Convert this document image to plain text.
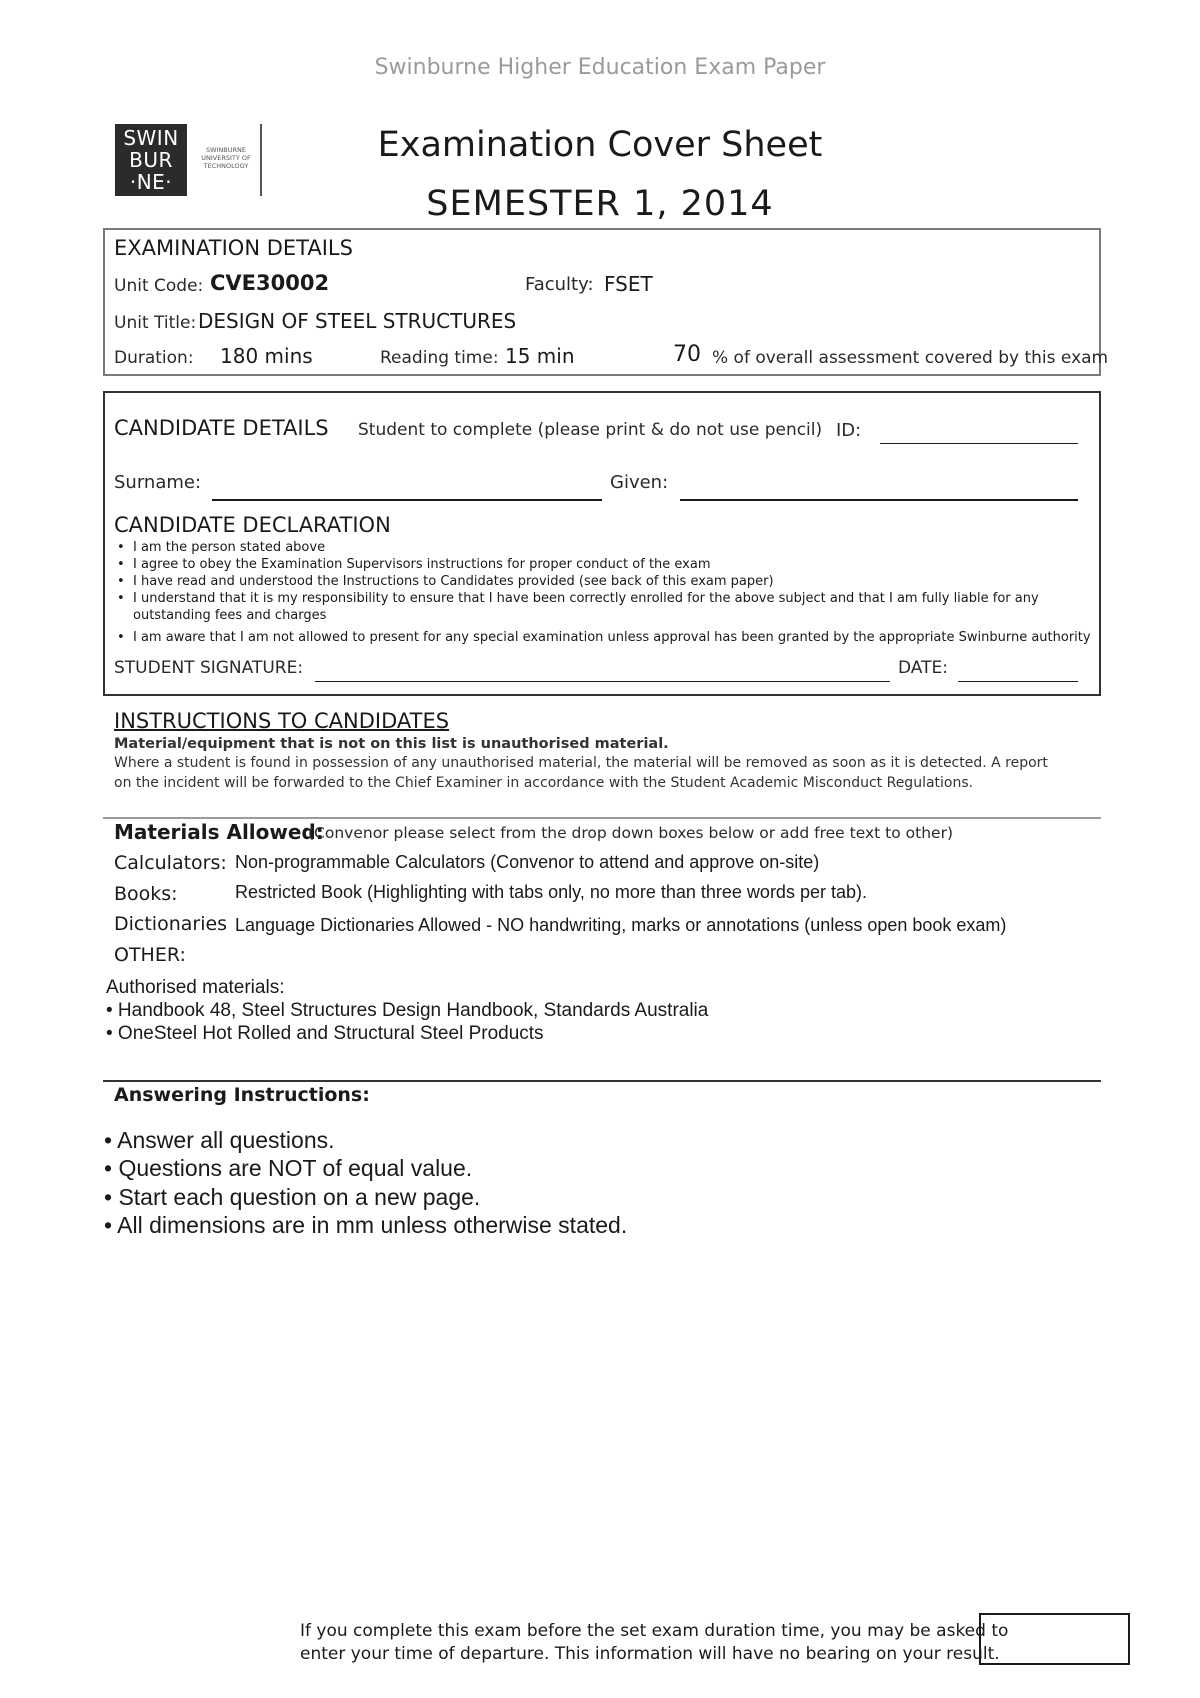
Swinburne Higher Education Exam Paper
SWIN
BUR
·NE·
SWINBURNE UNIVERSITY OF TECHNOLOGY
Examination Cover Sheet
SEMESTER 1, 2014
EXAMINATION DETAILS
Unit Code: CVE30002	Faculty: FSET
Unit Title: DESIGN OF STEEL STRUCTURES
Duration: 180 mins	Reading time: 15 min	70 % of overall assessment covered by this exam
CANDIDATE DETAILS Student to complete (please print & do not use pencil) ID:
Surname:	Given:
CANDIDATE DECLARATION
• I am the person stated above
• I agree to obey the Examination Supervisors instructions for proper conduct of the exam
• I have read and understood the Instructions to Candidates provided (see back of this exam paper)
• I understand that it is my responsibility to ensure that I have been correctly enrolled for the above subject and that I am fully liable for any outstanding fees and charges
• I am aware that I am not allowed to present for any special examination unless approval has been granted by the appropriate Swinburne authority
STUDENT SIGNATURE:	DATE:
INSTRUCTIONS TO CANDIDATES
Material/equipment that is not on this list is unauthorised material.
Where a student is found in possession of any unauthorised material, the material will be removed as soon as it is detected. A report
on the incident will be forwarded to the Chief Examiner in accordance with the Student Academic Misconduct Regulations.
Materials Allowed:
(Convenor please select from the drop down boxes below or add free text to other)
Calculators: Non-programmable Calculators (Convenor to attend and approve on-site)
Books:	Restricted Book (Highlighting with tabs only, no more than three words per tab).
Dictionaries Language Dictionaries Allowed - NO handwriting, marks or annotations (unless open book exam)
OTHER:
Authorised materials:
• Handbook 48, Steel Structures Design Handbook, Standards Australia
• OneSteel Hot Rolled and Structural Steel Products
Answering Instructions:
• Answer all questions.
• Questions are NOT of equal value.
• Start each question on a new page.
• All dimensions are in mm unless otherwise stated.
If you complete this exam before the set exam duration time, you may be asked to
enter your time of departure. This information will have no bearing on your result.
